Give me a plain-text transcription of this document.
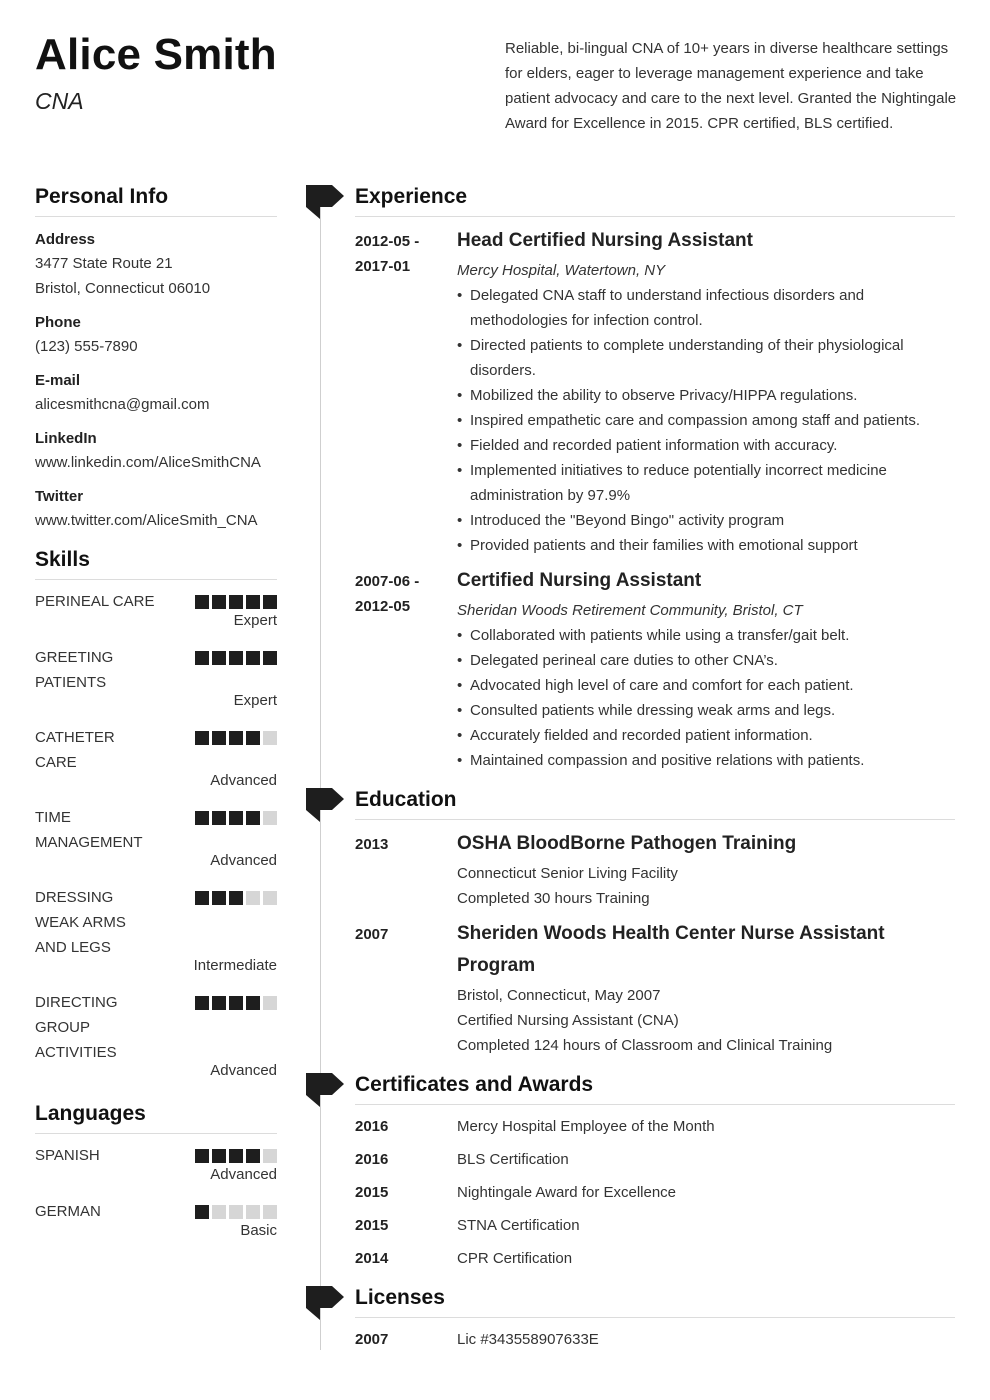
Alice Smith
CNA
Reliable, bi-lingual CNA of 10+ years in diverse healthcare settings for elders, eager to leverage management experience and take patient advocacy and care to the next level. Granted the Nightingale Award for Excellence in 2015. CPR certified, BLS certified.
Personal Info
Address
3477 State Route 21
Bristol, Connecticut 06010
Phone
(123) 555-7890
E-mail
alicesmithcna@gmail.com
LinkedIn
www.linkedin.com/AliceSmithCNA
Twitter
www.twitter.com/AliceSmith_CNA
Skills
PERINEAL CARE
Expert
GREETING
PATIENTS
Expert
CATHETER
CARE
Advanced
TIME
MANAGEMENT
Advanced
DRESSING
WEAK ARMS
AND LEGS
Intermediate
DIRECTING
GROUP
ACTIVITIES
Advanced
Languages
SPANISH
Advanced
GERMAN
Basic
Experience
2012-05 -
2017-01
Head Certified Nursing Assistant
Mercy Hospital, Watertown, NY
• Delegated CNA staff to understand infectious disorders and methodologies for infection control.
• Directed patients to complete understanding of their physiological disorders.
• Mobilized the ability to observe Privacy/HIPPA regulations.
• Inspired empathetic care and compassion among staff and patients.
• Fielded and recorded patient information with accuracy.
• Implemented initiatives to reduce potentially incorrect medicine administration by 97.9%
• Introduced the "Beyond Bingo" activity program
• Provided patients and their families with emotional support
2007-06 -
2012-05
Certified Nursing Assistant
Sheridan Woods Retirement Community, Bristol, CT
• Collaborated with patients while using a transfer/gait belt.
• Delegated perineal care duties to other CNA’s.
• Advocated high level of care and comfort for each patient.
• Consulted patients while dressing weak arms and legs.
• Accurately fielded and recorded patient information.
• Maintained compassion and positive relations with patients.
Education
2013	OSHA BloodBorne Pathogen Training
Connecticut Senior Living Facility
Completed 30 hours Training
2007	Sheriden Woods Health Center Nurse Assistant Program
Bristol, Connecticut, May 2007
Certified Nursing Assistant (CNA)
Completed 124 hours of Classroom and Clinical Training
Certificates and Awards
2016	Mercy Hospital Employee of the Month
2016	BLS Certification
2015	Nightingale Award for Excellence
2015	STNA Certification
2014	CPR Certification
Licenses
2007	Lic #343558907633E
